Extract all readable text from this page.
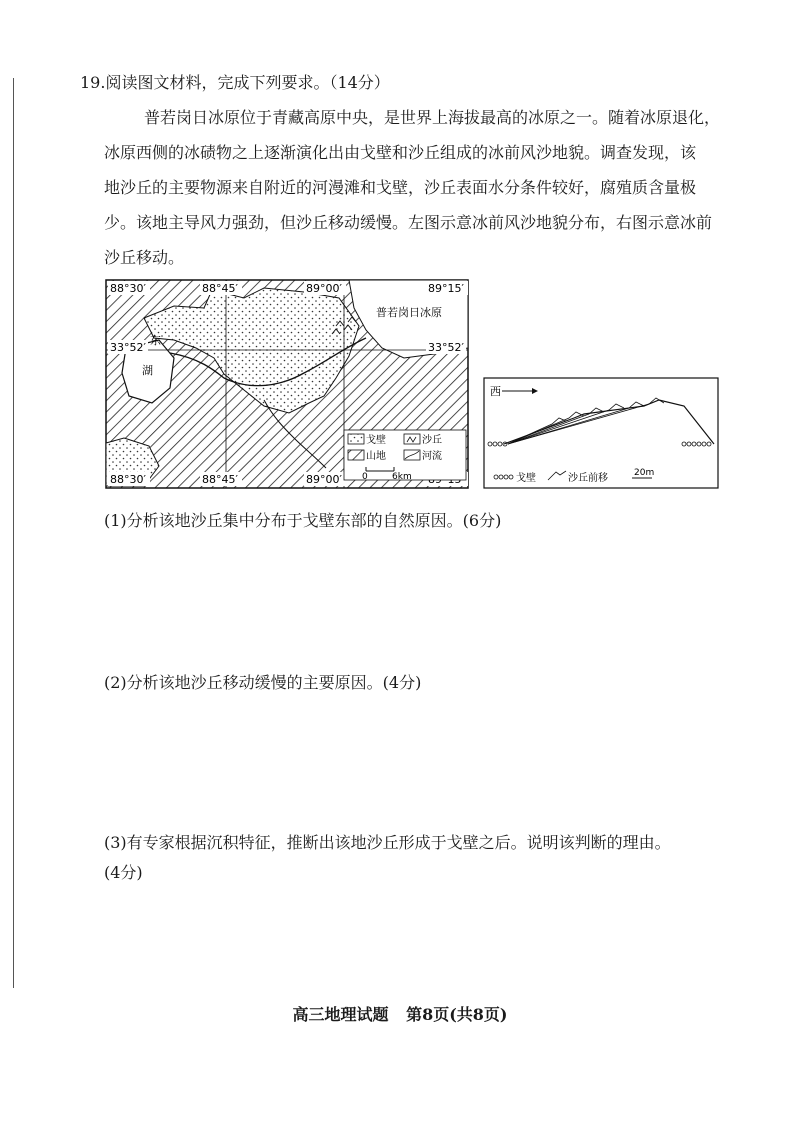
19.阅读图文材料，完成下列要求。（14分）
普若岗日冰原位于青藏高原中央，是世界上海拔最高的冰原之一。随着冰原退化，
冰原西侧的冰碛物之上逐渐演化出由戈壁和沙丘组成的冰前风沙地貌。调查发现，该
地沙丘的主要物源来自附近的河漫滩和戈壁，沙丘表面水分条件较好，腐殖质含量极
少。该地主导风力强劲，但沙丘移动缓慢。左图示意冰前风沙地貌分布，右图示意冰前
沙丘移动。
88°30′	88°45′	89°00′	89°15′
88°30′	88°45′	89°00′
33°52′	33°52′
东
湖
普若岗日冰原
戈壁	沙丘
山地	河流
0	6km
西
戈壁	沙丘前移	20m
(1)分析该地沙丘集中分布于戈壁东部的自然原因。(6分)
(2)分析该地沙丘移动缓慢的主要原因。(4分)
(3)有专家根据沉积特征，推断出该地沙丘形成于戈壁之后。说明该判断的理由。
(4分)
高三地理试题 第8页(共8页)
